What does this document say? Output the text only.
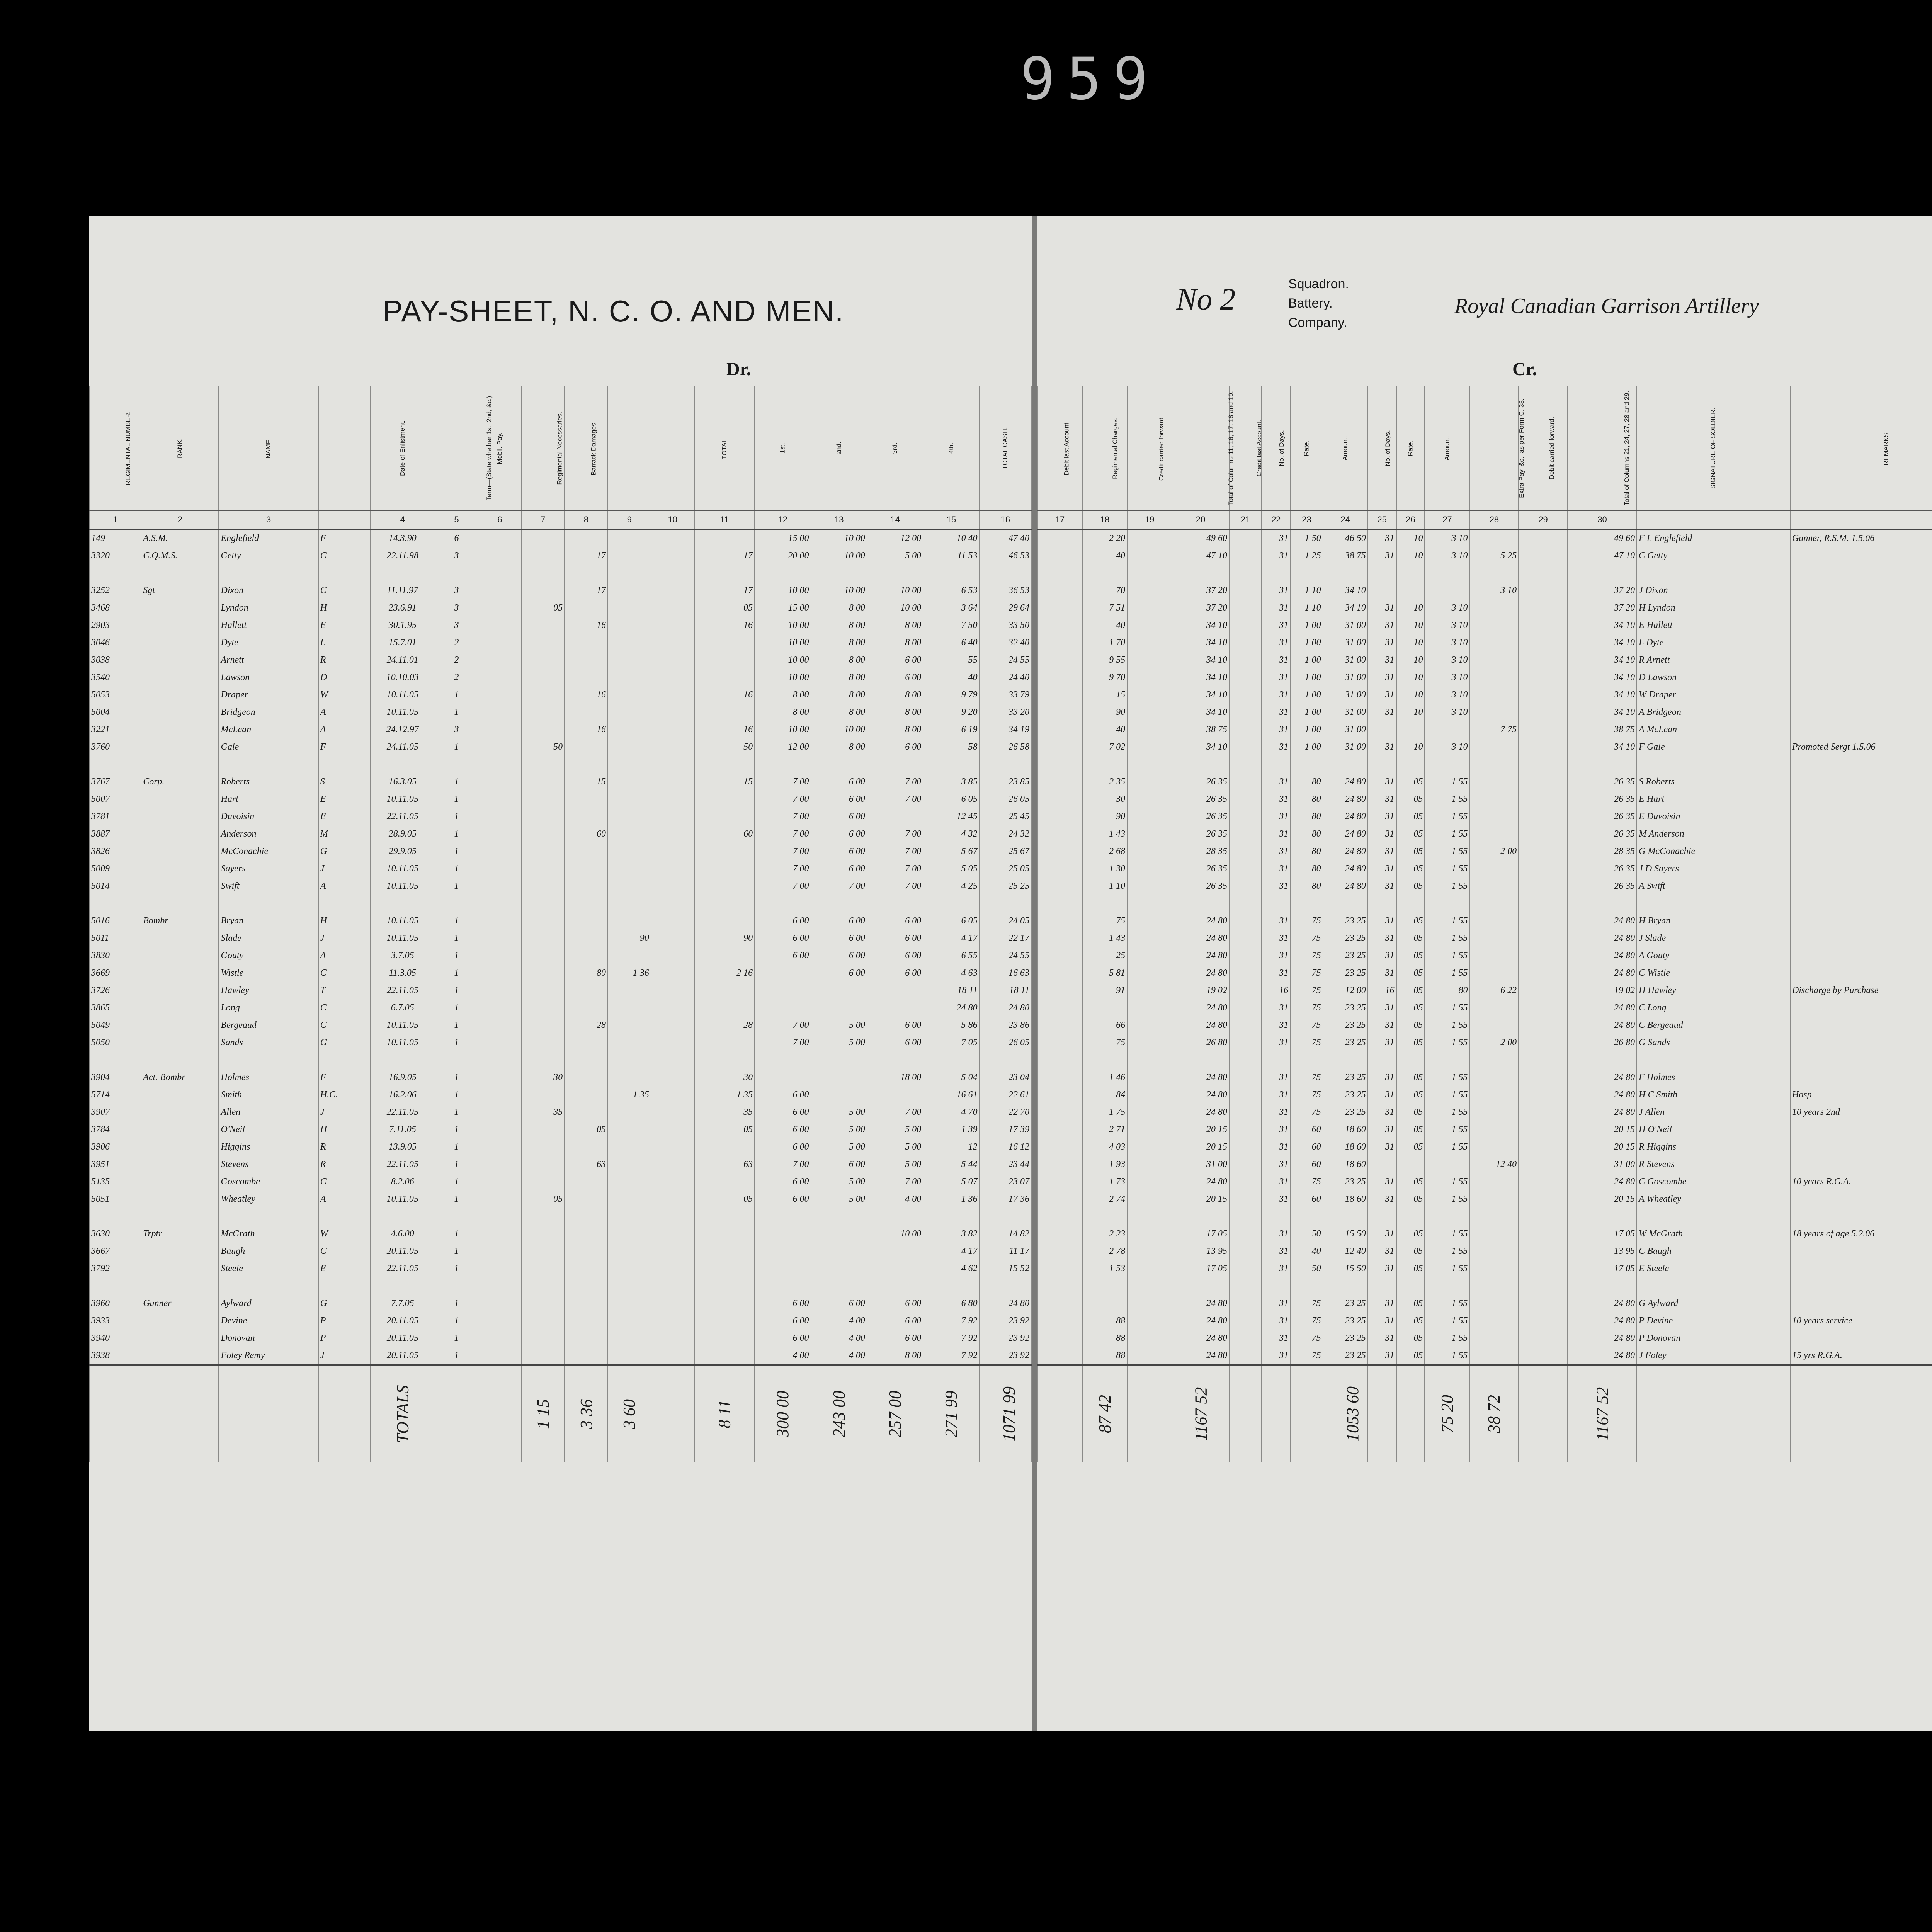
959
PAY-SHEET, N. C. O. AND MEN.
Dr.
REGIMENTAL NUMBER.	RANK.	NAME.		Date of Enlistment.	Term—(State whether 1st, 2nd, &c.)	Mobil. Pay.	Regimental Necessaries.	Barrack Damages.			TOTAL.	1st.	2nd.	3rd.	4th.	TOTAL CASH.
1	2	3		4	5	6	7	8	9	10	11	12	13	14	15	16
149	A.S.M.	Englefield	F	14.3.90	6							15 00	10 00	12 00	10 40	47 40
3320	C.Q.M.S.	Getty	C	22.11.98	3			17			17	20 00	10 00	5 00	11 53	46 53

3252	Sgt	Dixon	C	11.11.97	3			17			17	10 00	10 00	10 00	6 53	36 53
3468		Lyndon	H	23.6.91	3		05				05	15 00	8 00	10 00	3 64	29 64
2903		Hallett	E	30.1.95	3			16			16	10 00	8 00	8 00	7 50	33 50
3046		Dyte	L	15.7.01	2							10 00	8 00	8 00	6 40	32 40
3038		Arnett	R	24.11.01	2							10 00	8 00	6 00	55	24 55
3540		Lawson	D	10.10.03	2							10 00	8 00	6 00	40	24 40
5053		Draper	W	10.11.05	1			16			16	8 00	8 00	8 00	9 79	33 79
5004		Bridgeon	A	10.11.05	1							8 00	8 00	8 00	9 20	33 20
3221		McLean	A	24.12.97	3			16			16	10 00	10 00	8 00	6 19	34 19
3760		Gale	F	24.11.05	1		50				50	12 00	8 00	6 00	58	26 58

3767	Corp.	Roberts	S	16.3.05	1			15			15	7 00	6 00	7 00	3 85	23 85
5007		Hart	E	10.11.05	1							7 00	6 00	7 00	6 05	26 05
3781		Duvoisin	E	22.11.05	1							7 00	6 00		12 45	25 45
3887		Anderson	M	28.9.05	1			60			60	7 00	6 00	7 00	4 32	24 32
3826		McConachie	G	29.9.05	1							7 00	6 00	7 00	5 67	25 67
5009		Sayers	J	10.11.05	1							7 00	6 00	7 00	5 05	25 05
5014		Swift	A	10.11.05	1							7 00	7 00	7 00	4 25	25 25

5016	Bombr	Bryan	H	10.11.05	1							6 00	6 00	6 00	6 05	24 05
5011		Slade	J	10.11.05	1				90		90	6 00	6 00	6 00	4 17	22 17
3830		Gouty	A	3.7.05	1							6 00	6 00	6 00	6 55	24 55
3669		Wistle	C	11.3.05	1			80	1 36		2 16		6 00	6 00	4 63	16 63
3726		Hawley	T	22.11.05	1										18 11	18 11
3865		Long	C	6.7.05	1										24 80	24 80
5049		Bergeaud	C	10.11.05	1			28			28	7 00	5 00	6 00	5 86	23 86
5050		Sands	G	10.11.05	1							7 00	5 00	6 00	7 05	26 05

3904	Act. Bombr	Holmes	F	16.9.05	1		30				30			18 00	5 04	23 04
5714		Smith	H.C.	16.2.06	1				1 35		1 35	6 00			16 61	22 61
3907		Allen	J	22.11.05	1		35				35	6 00	5 00	7 00	4 70	22 70
3784		O'Neil	H	7.11.05	1			05			05	6 00	5 00	5 00	1 39	17 39
3906		Higgins	R	13.9.05	1							6 00	5 00	5 00	12	16 12
3951		Stevens	R	22.11.05	1			63			63	7 00	6 00	5 00	5 44	23 44
5135		Goscombe	C	8.2.06	1							6 00	5 00	7 00	5 07	23 07
5051		Wheatley	A	10.11.05	1		05				05	6 00	5 00	4 00	1 36	17 36

3630	Trptr	McGrath	W	4.6.00	1									10 00	3 82	14 82
3667		Baugh	C	20.11.05	1										4 17	11 17
3792		Steele	E	22.11.05	1										4 62	15 52

3960	Gunner	Aylward	G	7.7.05	1							6 00	6 00	6 00	6 80	24 80
3933		Devine	P	20.11.05	1							6 00	4 00	6 00	7 92	23 92
3940		Donovan	P	20.11.05	1							6 00	4 00	6 00	7 92	23 92
3938		Foley Remy	J	20.11.05	1							4 00	4 00	8 00	7 92	23 92
				TOTALS			1 15	3 36	3 60		8 11	300 00	243 00	257 00	271 99	1071 99
No 2	Squadron.
Battery.
Company.
Royal Canadian Garrison Artillery
Cr.
Debit last Account.	Regimental Charges.	Credit carried forward.	Total of Columns 11, 16, 17, 18 and 19.	Credit last Account.	No. of Days.	Rate.	Amount.	No. of Days.	Rate.	Amount.	Extra Pay, &c., as per Form C. 38.	Debit carried forward.	Total of Columns 21, 24, 27, 28 and 29.	SIGNATURE OF SOLDIER.	REMARKS.
17	18	19	20	21	22	23	24	25	26	27	28	29	30		
	2 20		49 60		31	1 50	46 50	31	10	3 10			49 60	F L Englefield	Gunner, R.S.M. 1.5.06
	40		47 10		31	1 25	38 75	31	10	3 10	5 25		47 10	C Getty	

	70		37 20		31	1 10	34 10				3 10		37 20	J Dixon	
	7 51		37 20		31	1 10	34 10	31	10	3 10			37 20	H Lyndon	
	40		34 10		31	1 00	31 00	31	10	3 10			34 10	E Hallett	
	1 70		34 10		31	1 00	31 00	31	10	3 10			34 10	L Dyte	
	9 55		34 10		31	1 00	31 00	31	10	3 10			34 10	R Arnett	
	9 70		34 10		31	1 00	31 00	31	10	3 10			34 10	D Lawson	
	15		34 10		31	1 00	31 00	31	10	3 10			34 10	W Draper	
	90		34 10		31	1 00	31 00	31	10	3 10			34 10	A Bridgeon	
	40		38 75		31	1 00	31 00				7 75		38 75	A McLean	
	7 02		34 10		31	1 00	31 00	31	10	3 10			34 10	F Gale	Promoted Sergt 1.5.06

	2 35		26 35		31	80	24 80	31	05	1 55			26 35	S Roberts	
	30		26 35		31	80	24 80	31	05	1 55			26 35	E Hart	
	90		26 35		31	80	24 80	31	05	1 55			26 35	E Duvoisin	
	1 43		26 35		31	80	24 80	31	05	1 55			26 35	M Anderson	
	2 68		28 35		31	80	24 80	31	05	1 55	2 00		28 35	G McConachie	
	1 30		26 35		31	80	24 80	31	05	1 55			26 35	J D Sayers	
	1 10		26 35		31	80	24 80	31	05	1 55			26 35	A Swift	

	75		24 80		31	75	23 25	31	05	1 55			24 80	H Bryan	
	1 43		24 80		31	75	23 25	31	05	1 55			24 80	J Slade	
	25		24 80		31	75	23 25	31	05	1 55			24 80	A Gouty	
	5 81		24 80		31	75	23 25	31	05	1 55			24 80	C Wistle	
	91		19 02		16	75	12 00	16	05	80	6 22		19 02	H Hawley	Discharge by Purchase
			24 80		31	75	23 25	31	05	1 55			24 80	C Long	
	66		24 80		31	75	23 25	31	05	1 55			24 80	C Bergeaud	
	75		26 80		31	75	23 25	31	05	1 55	2 00		26 80	G Sands	

	1 46		24 80		31	75	23 25	31	05	1 55			24 80	F Holmes	
	84		24 80		31	75	23 25	31	05	1 55			24 80	H C Smith	Hosp
	1 75		24 80		31	75	23 25	31	05	1 55			24 80	J Allen	10 years 2nd
	2 71		20 15		31	60	18 60	31	05	1 55			20 15	H O'Neil	
	4 03		20 15		31	60	18 60	31	05	1 55			20 15	R Higgins	
	1 93		31 00		31	60	18 60				12 40		31 00	R Stevens	
	1 73		24 80		31	75	23 25	31	05	1 55			24 80	C Goscombe	10 years R.G.A.
	2 74		20 15		31	60	18 60	31	05	1 55			20 15	A Wheatley	

	2 23		17 05		31	50	15 50	31	05	1 55			17 05	W McGrath	18 years of age 5.2.06
	2 78		13 95		31	40	12 40	31	05	1 55			13 95	C Baugh	
	1 53		17 05		31	50	15 50	31	05	1 55			17 05	E Steele	

			24 80		31	75	23 25	31	05	1 55			24 80	G Aylward	
	88		24 80		31	75	23 25	31	05	1 55			24 80	P Devine	10 years service
	88		24 80		31	75	23 25	31	05	1 55			24 80	P Donovan	
	88		24 80		31	75	23 25	31	05	1 55			24 80	J Foley	15 yrs R.G.A.
	87 42		1167 52				1053 60			75 20	38 72		1167 52		
